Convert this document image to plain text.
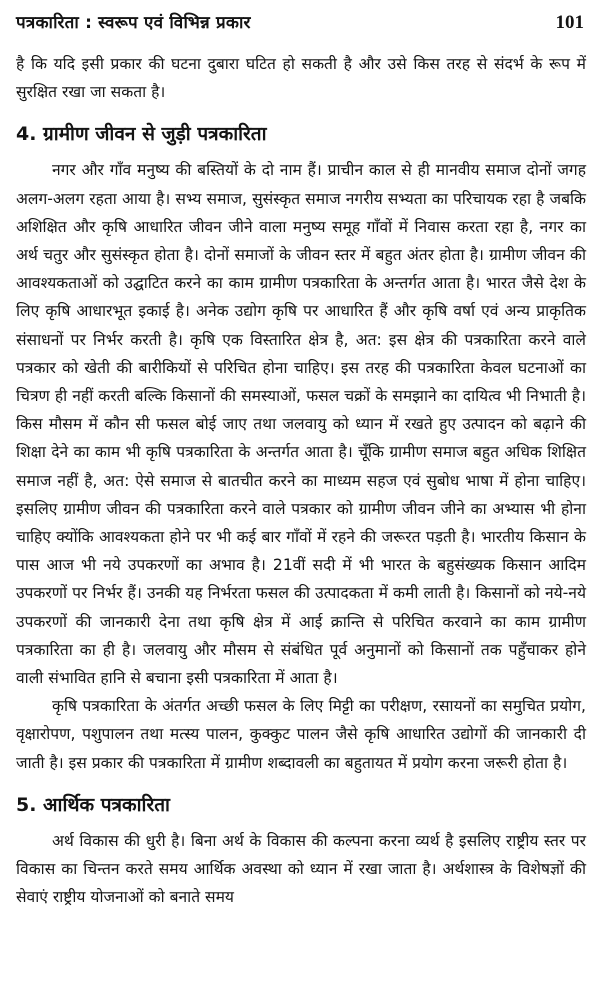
पत्रकारिता : स्वरूप एवं विभिन्न प्रकार	101

है कि यदि इसी प्रकार की घटना दुबारा घटित हो सकती है और उसे किस तरह से संदर्भ के रूप में सुरक्षित रखा जा सकता है।

4. ग्रामीण जीवन से जुड़ी पत्रकारिता

नगर और गाँव मनुष्य की बस्तियों के दो नाम हैं। प्राचीन काल से ही मानवीय समाज दोनों जगह अलग-अलग रहता आया है। सभ्य समाज, सुसंस्कृत समाज नगरीय सभ्यता का परिचायक रहा है जबकि अशिक्षित और कृषि आधारित जीवन जीने वाला मनुष्य समूह गाँवों में निवास करता रहा है, नगर का अर्थ चतुर और सुसंस्कृत होता है। दोनों समाजों के जीवन स्तर में बहुत अंतर होता है। ग्रामीण जीवन की आवश्यकताओं को उद्घाटित करने का काम ग्रामीण पत्रकारिता के अन्तर्गत आता है। भारत जैसे देश के लिए कृषि आधारभूत इकाई है। अनेक उद्योग कृषि पर आधारित हैं और कृषि वर्षा एवं अन्य प्राकृतिक संसाधनों पर निर्भर करती है। कृषि एक विस्तारित क्षेत्र है, अत: इस क्षेत्र की पत्रकारिता करने वाले पत्रकार को खेती की बारीकियों से परिचित होना चाहिए। इस तरह की पत्रकारिता केवल घटनाओं का चित्रण ही नहीं करती बल्कि किसानों की समस्याओं, फसल चक्रों के समझाने का दायित्व भी निभाती है। किस मौसम में कौन सी फसल बोई जाए तथा जलवायु को ध्यान में रखते हुए उत्पादन को बढ़ाने की शिक्षा देने का काम भी कृषि पत्रकारिता के अन्तर्गत आता है। चूँकि ग्रामीण समाज बहुत अधिक शिक्षित समाज नहीं है, अत: ऐसे समाज से बातचीत करने का माध्यम सहज एवं सुबोध भाषा में होना चाहिए। इसलिए ग्रामीण जीवन की पत्रकारिता करने वाले पत्रकार को ग्रामीण जीवन जीने का अभ्यास भी होना चाहिए क्योंकि आवश्यकता होने पर भी कई बार गाँवों में रहने की जरूरत पड़ती है। भारतीय किसान के पास आज भी नये उपकरणों का अभाव है। 21वीं सदी में भी भारत के बहुसंख्यक किसान आदिम उपकरणों पर निर्भर हैं। उनकी यह निर्भरता फसल की उत्पादकता में कमी लाती है। किसानों को नये-नये उपकरणों की जानकारी देना तथा कृषि क्षेत्र में आई क्रान्ति से परिचित करवाने का काम ग्रामीण पत्रकारिता का ही है। जलवायु और मौसम से संबंधित पूर्व अनुमानों को किसानों तक पहुँचाकर होने वाली संभावित हानि से बचाना इसी पत्रकारिता में आता है।

कृषि पत्रकारिता के अंतर्गत अच्छी फसल के लिए मिट्टी का परीक्षण, रसायनों का समुचित प्रयोग, वृक्षारोपण, पशुपालन तथा मत्स्य पालन, कुक्कुट पालन जैसे कृषि आधारित उद्योगों की जानकारी दी जाती है। इस प्रकार की पत्रकारिता में ग्रामीण शब्दावली का बहुतायत में प्रयोग करना जरूरी होता है।

5. आर्थिक पत्रकारिता

अर्थ विकास की धुरी है। बिना अर्थ के विकास की कल्पना करना व्यर्थ है इसलिए राष्ट्रीय स्तर पर विकास का चिन्तन करते समय आर्थिक अवस्था को ध्यान में रखा जाता है। अर्थशास्त्र के विशेषज्ञों की सेवाएं राष्ट्रीय योजनाओं को बनाते समय
